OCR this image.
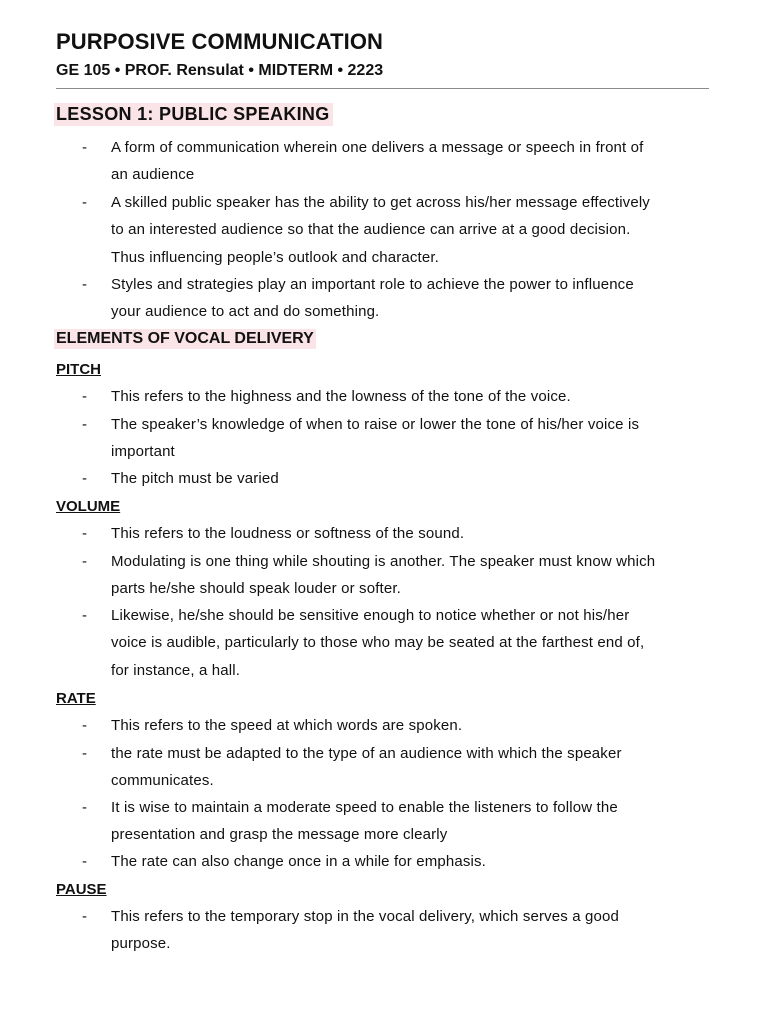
PURPOSIVE COMMUNICATION
GE 105 • PROF. Rensulat • MIDTERM • 2223
LESSON 1: PUBLIC SPEAKING
- A form of communication wherein one delivers a message or speech in front of
an audience
- A skilled public speaker has the ability to get across his/her message effectively
to an interested audience so that the audience can arrive at a good decision.
Thus influencing people’s outlook and character.
- Styles and strategies play an important role to achieve the power to influence
your audience to act and do something.
ELEMENTS OF VOCAL DELIVERY
PITCH
- This refers to the highness and the lowness of the tone of the voice.
- The speaker’s knowledge of when to raise or lower the tone of his/her voice is
important
- The pitch must be varied
VOLUME
- This refers to the loudness or softness of the sound.
- Modulating is one thing while shouting is another. The speaker must know which
parts he/she should speak louder or softer.
- Likewise, he/she should be sensitive enough to notice whether or not his/her
voice is audible, particularly to those who may be seated at the farthest end of,
for instance, a hall.
RATE
- This refers to the speed at which words are spoken.
- the rate must be adapted to the type of an audience with which the speaker
communicates.
- It is wise to maintain a moderate speed to enable the listeners to follow the
presentation and grasp the message more clearly
- The rate can also change once in a while for emphasis.
PAUSE
- This refers to the temporary stop in the vocal delivery, which serves a good
purpose.
